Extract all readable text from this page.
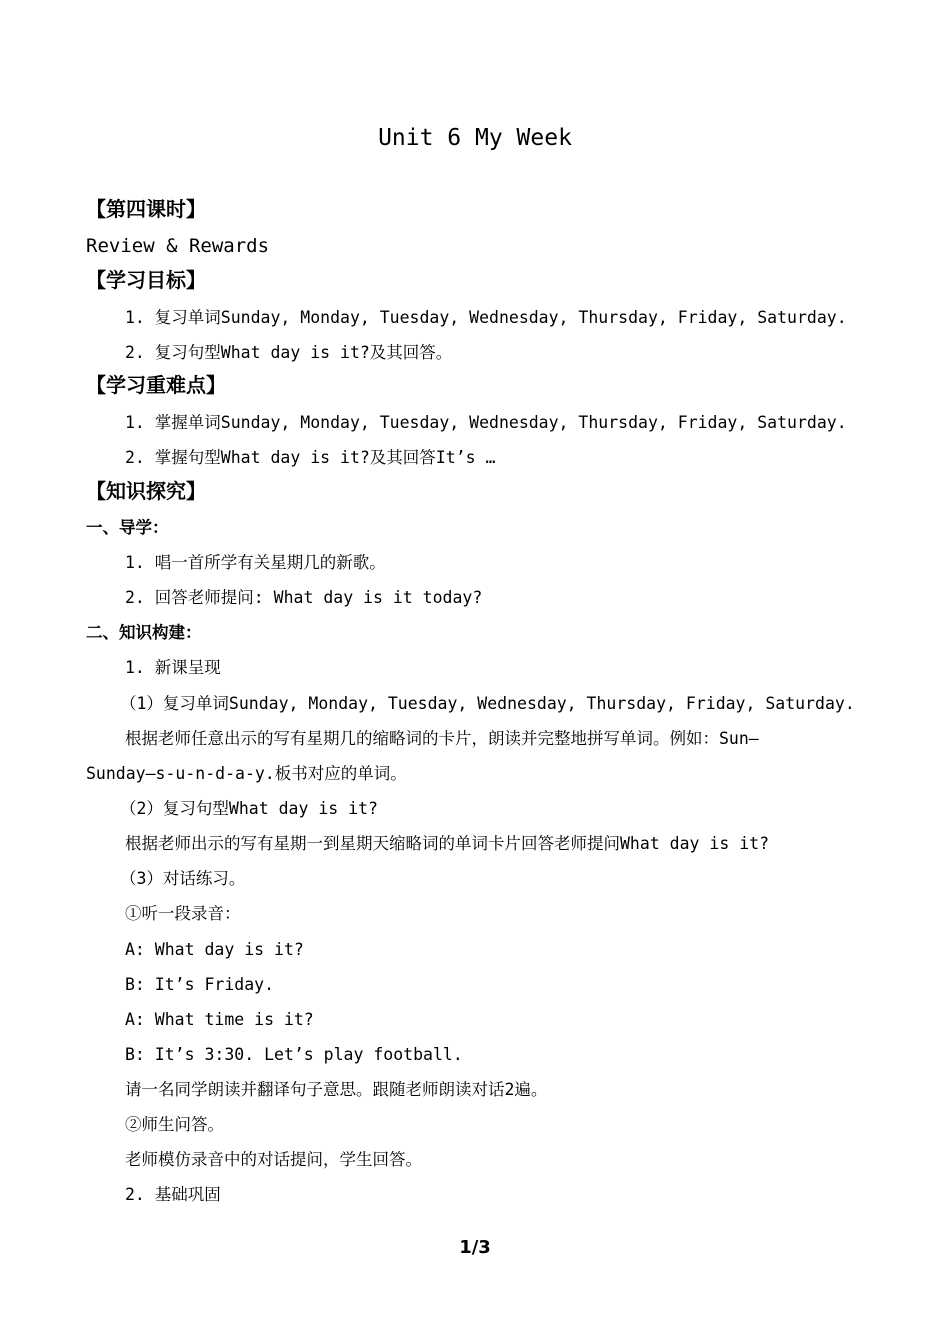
Unit 6 My Week
【第四课时】
Review & Rewards
【学习目标】
1. 复习单词Sunday, Monday, Tuesday, Wednesday, Thursday, Friday, Saturday.
2. 复习句型What day is it?及其回答。
【学习重难点】
1. 掌握单词Sunday, Monday, Tuesday, Wednesday, Thursday, Friday, Saturday.
2. 掌握句型What day is it?及其回答It’s …
【知识探究】
一、导学：
1. 唱一首所学有关星期几的新歌。
2. 回答老师提问: What day is it today?
二、知识构建：
1. 新课呈现
（1）复习单词Sunday, Monday, Tuesday, Wednesday, Thursday, Friday, Saturday.
根据老师任意出示的写有星期几的缩略词的卡片，朗读并完整地拼写单词。例如：Sun—
Sunday—s-u-n-d-a-y.板书对应的单词。
（2）复习句型What day is it?
根据老师出示的写有星期一到星期天缩略词的单词卡片回答老师提问What day is it?
（3）对话练习。
①听一段录音：
A: What day is it?
B: It’s Friday.
A: What time is it?
B: It’s 3:30. Let’s play football.
请一名同学朗读并翻译句子意思。跟随老师朗读对话2遍。
②师生问答。
老师模仿录音中的对话提问，学生回答。
2. 基础巩固
1/3
